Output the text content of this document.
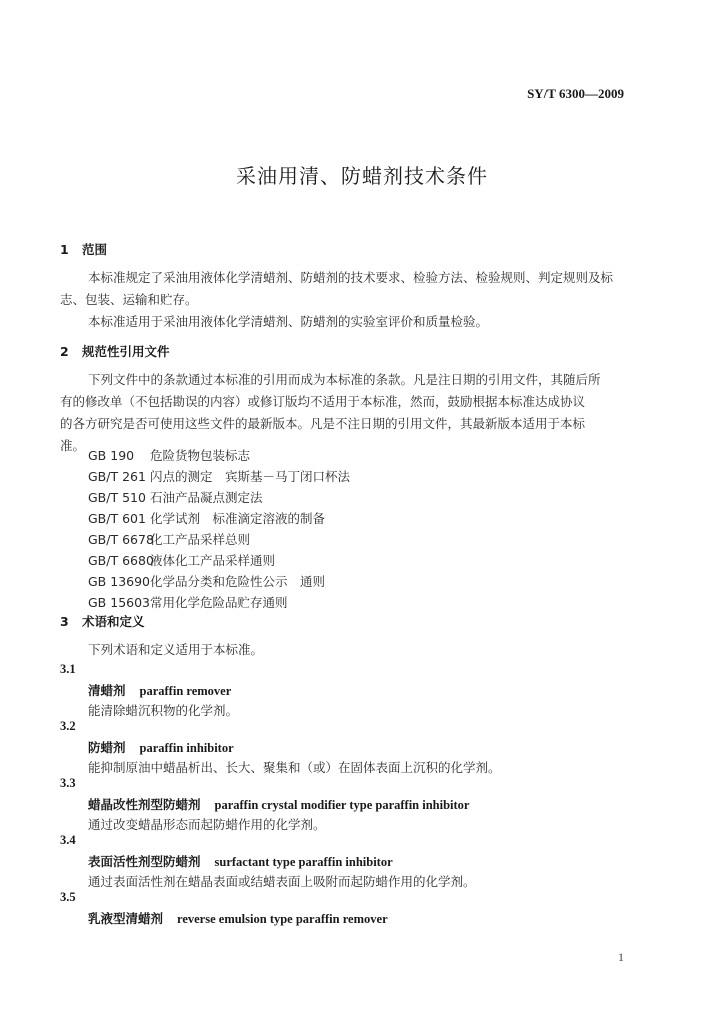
SY/T 6300—2009
采油用清、防蜡剂技术条件
1 范围
本标准规定了采油用液体化学清蜡剂、防蜡剂的技术要求、检验方法、检验规则、判定规则及标
志、包装、运输和贮存。
本标准适用于采油用液体化学清蜡剂、防蜡剂的实验室评价和质量检验。
2 规范性引用文件
下列文件中的条款通过本标准的引用而成为本标准的条款。凡是注日期的引用文件，其随后所
有的修改单（不包括勘误的内容）或修订版均不适用于本标准，然而，鼓励根据本标准达成协议
的各方研究是否可使用这些文件的最新版本。凡是不注日期的引用文件，其最新版本适用于本标
准。
GB 190 危险货物包装标志
GB/T 261 闪点的测定　宾斯基－马丁闭口杯法
GB/T 510 石油产品凝点测定法
GB/T 601 化学试剂　标准滴定溶液的制备
GB/T 6678化工产品采样总则
GB/T 6680液体化工产品采样通则
GB 13690化学品分类和危险性公示　通则
GB 15603常用化学危险品贮存通则
3 术语和定义
下列术语和定义适用于本标准。
3.1
清蜡剂 paraffin remover
能清除蜡沉积物的化学剂。
3.2
防蜡剂 paraffin inhibitor
能抑制原油中蜡晶析出、长大、聚集和（或）在固体表面上沉积的化学剂。
3.3
蜡晶改性剂型防蜡剂 paraffin crystal modifier type paraffin inhibitor
通过改变蜡晶形态而起防蜡作用的化学剂。
3.4
表面活性剂型防蜡剂 surfactant type paraffin inhibitor
通过表面活性剂在蜡晶表面或结蜡表面上吸附而起防蜡作用的化学剂。
3.5
乳液型清蜡剂 reverse emulsion type paraffin remover
1
